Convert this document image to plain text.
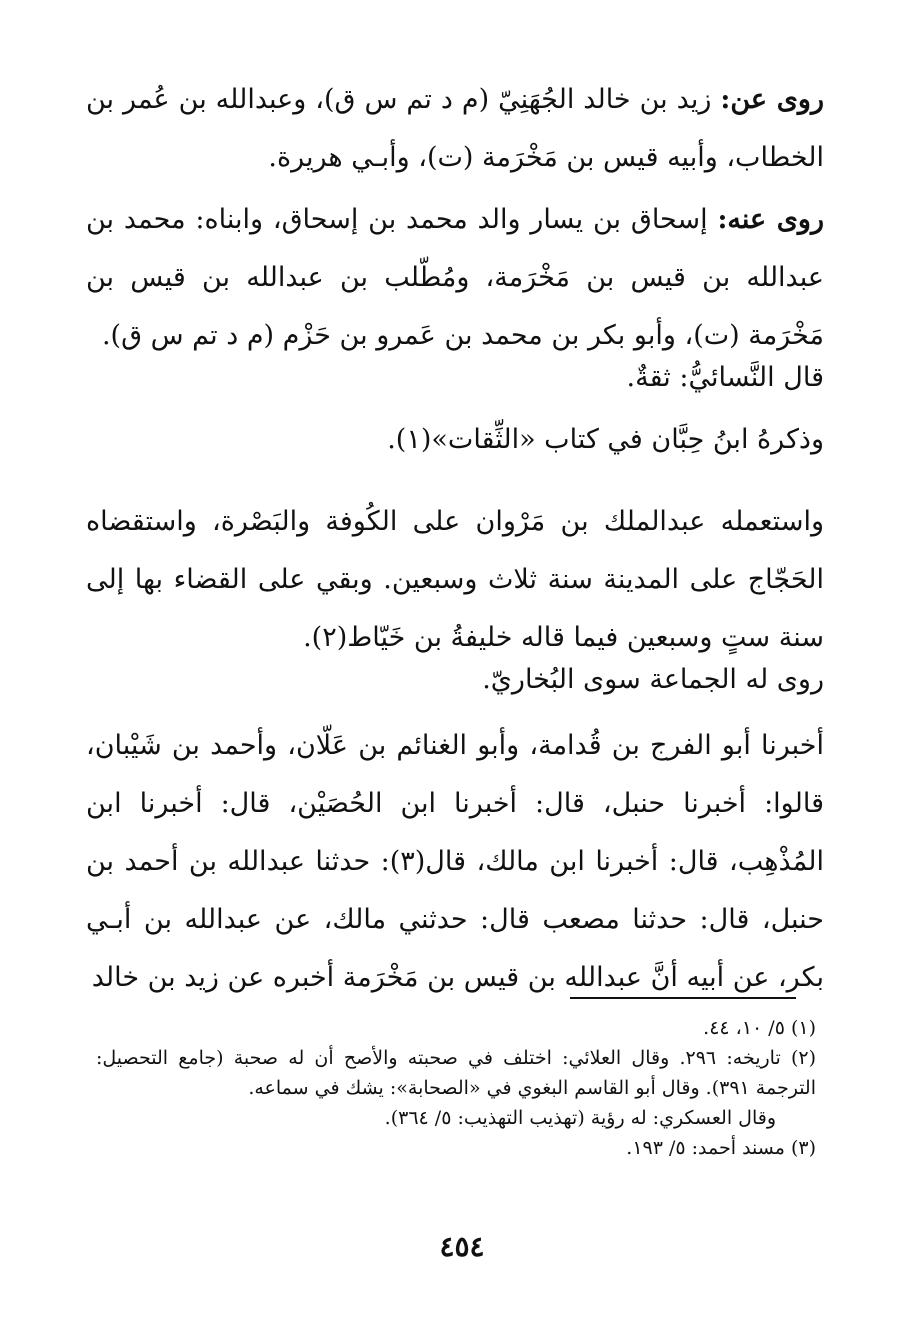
روى عن: زيد بن خالد الجُهَنِيّ (م د تم س ق)، وعبدالله بن عُمر بن الخطاب، وأبيه قيس بن مَخْرَمة (ت)، وأبـي هريرة.

روى عنه: إسحاق بن يسار والد محمد بن إسحاق، وابناه: محمد بن عبدالله بن قيس بن مَخْرَمة، ومُطّلب بن عبدالله بن قيس بن مَخْرَمة (ت)، وأبو بكر بن محمد بن عَمرو بن حَزْم (م د تم س ق).

قال النَّسائيُّ: ثقةٌ.

وذكرهُ ابنُ حِبَّان في كتاب «الثِّقات»(١).

واستعمله عبدالملك بن مَرْوان على الكُوفة والبَصْرة، واستقضاه الحَجّاج على المدينة سنة ثلاث وسبعين. وبقي على القضاء بها إلى سنة ستٍ وسبعين فيما قاله خليفةُ بن خَيّاط(٢).

روى له الجماعة سوى البُخاريّ.

أخبرنا أبو الفرج بن قُدامة، وأبو الغنائم بن عَلّان، وأحمد بن شَيْبان، قالوا: أخبرنا حنبل، قال: أخبرنا ابن الحُصَيْن، قال: أخبرنا ابن المُذْهِب، قال: أخبرنا ابن مالك، قال(٣): حدثنا عبدالله بن أحمد بن حنبل، قال: حدثنا مصعب قال: حدثني مالك، عن عبدالله بن أبـي بكر، عن أبيه أنَّ عبدالله بن قيس بن مَخْرَمة أخبره عن زيد بن خالد

(١) ٥/ ١٠، ٤٤.
(٢) تاريخه: ٢٩٦. وقال العلائي: اختلف في صحبته والأصح أن له صحبة (جامع التحصيل: الترجمة ٣٩١). وقال أبو القاسم البغوي في «الصحابة»: يشك في سماعه.
وقال العسكري: له رؤية (تهذيب التهذيب: ٥/ ٣٦٤).
(٣) مسند أحمد: ٥/ ١٩٣.
٤٥٤
